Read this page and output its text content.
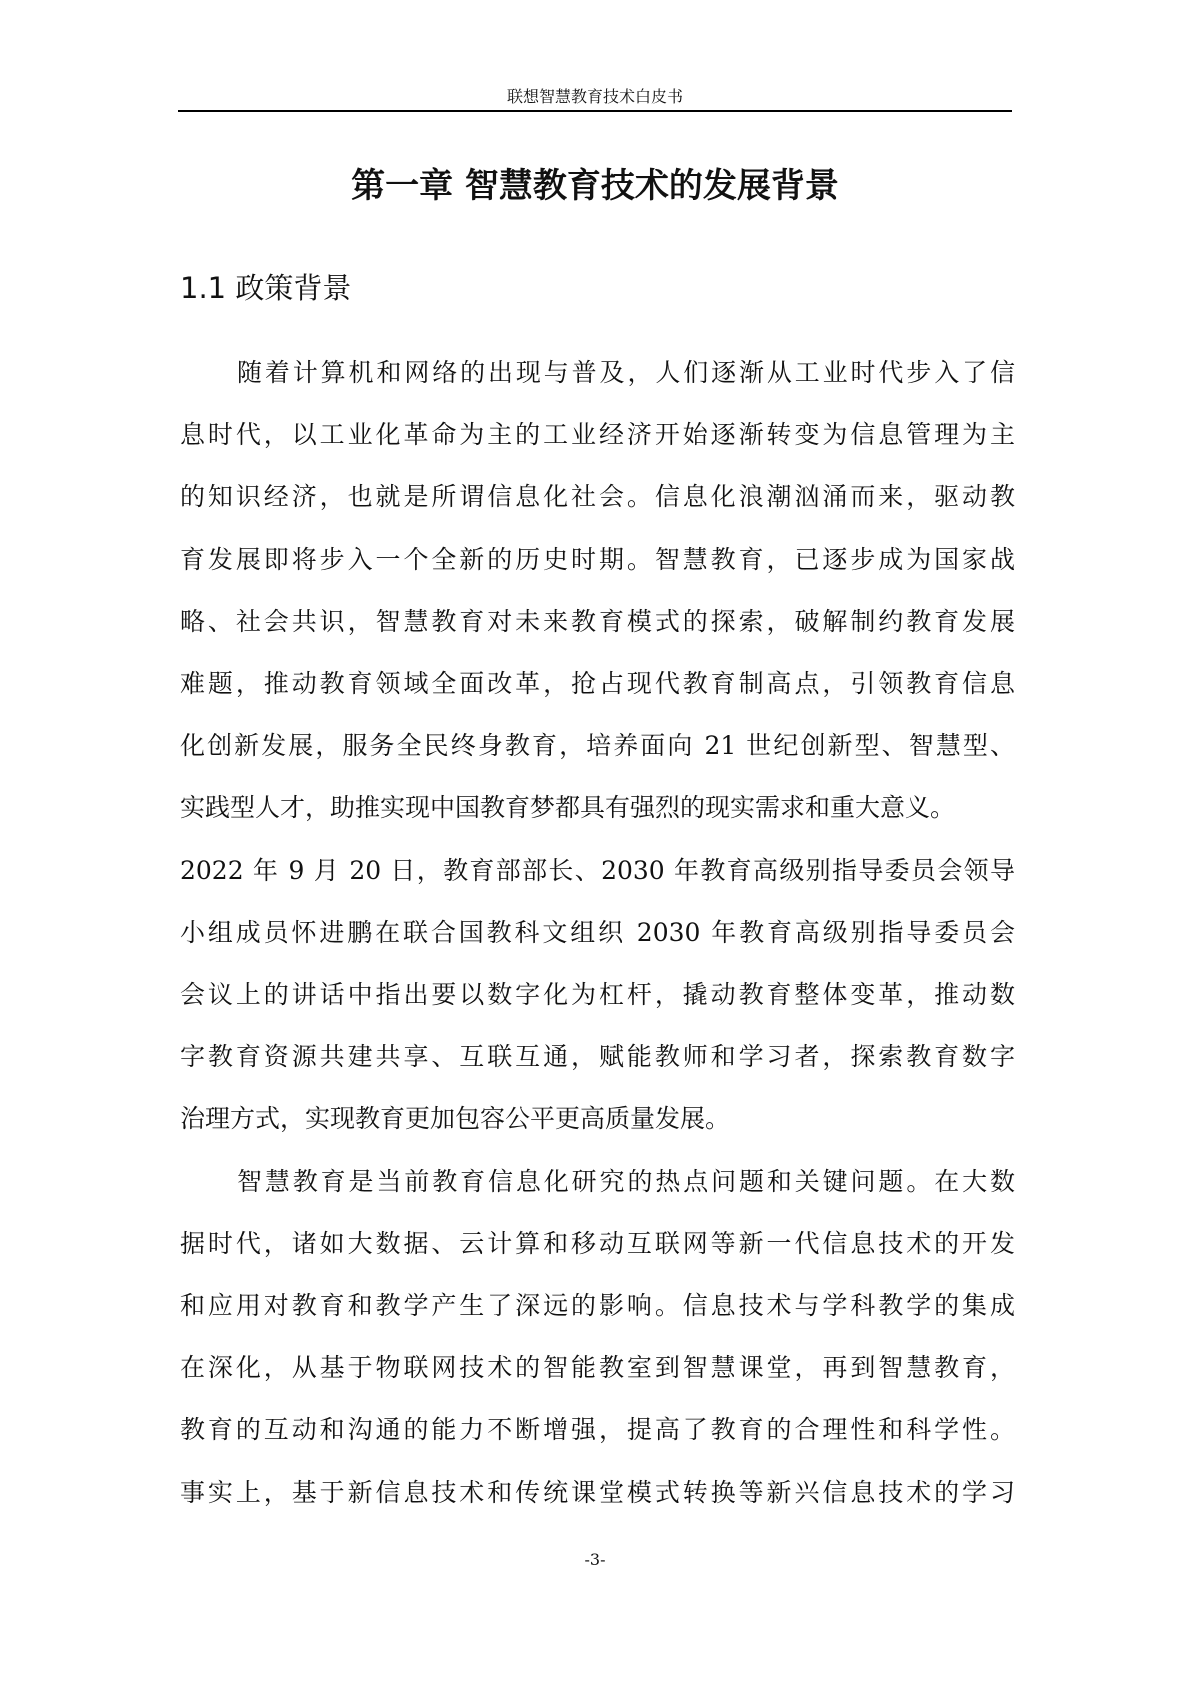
联想智慧教育技术白皮书
第一章 智慧教育技术的发展背景
1.1 政策背景
随着计算机和网络的出现与普及，人们逐渐从工业时代步入了信
息时代，以工业化革命为主的工业经济开始逐渐转变为信息管理为主
的知识经济，也就是所谓信息化社会。信息化浪潮汹涌而来，驱动教
育发展即将步入一个全新的历史时期。智慧教育，已逐步成为国家战
略、社会共识，智慧教育对未来教育模式的探索，破解制约教育发展
难题，推动教育领域全面改革，抢占现代教育制高点，引领教育信息
化创新发展，服务全民终身教育，培养面向 21 世纪创新型、智慧型、
实践型人才，助推实现中国教育梦都具有强烈的现实需求和重大意义。
2022 年 9 月 20 日，教育部部长、2030 年教育高级别指导委员会领导
小组成员怀进鹏在联合国教科文组织 2030 年教育高级别指导委员会
会议上的讲话中指出要以数字化为杠杆，撬动教育整体变革，推动数
字教育资源共建共享、互联互通，赋能教师和学习者，探索教育数字
治理方式，实现教育更加包容公平更高质量发展。
智慧教育是当前教育信息化研究的热点问题和关键问题。在大数
据时代，诸如大数据、云计算和移动互联网等新一代信息技术的开发
和应用对教育和教学产生了深远的影响。信息技术与学科教学的集成
在深化，从基于物联网技术的智能教室到智慧课堂，再到智慧教育，
教育的互动和沟通的能力不断增强，提高了教育的合理性和科学性。
事实上，基于新信息技术和传统课堂模式转换等新兴信息技术的学习
-3-
